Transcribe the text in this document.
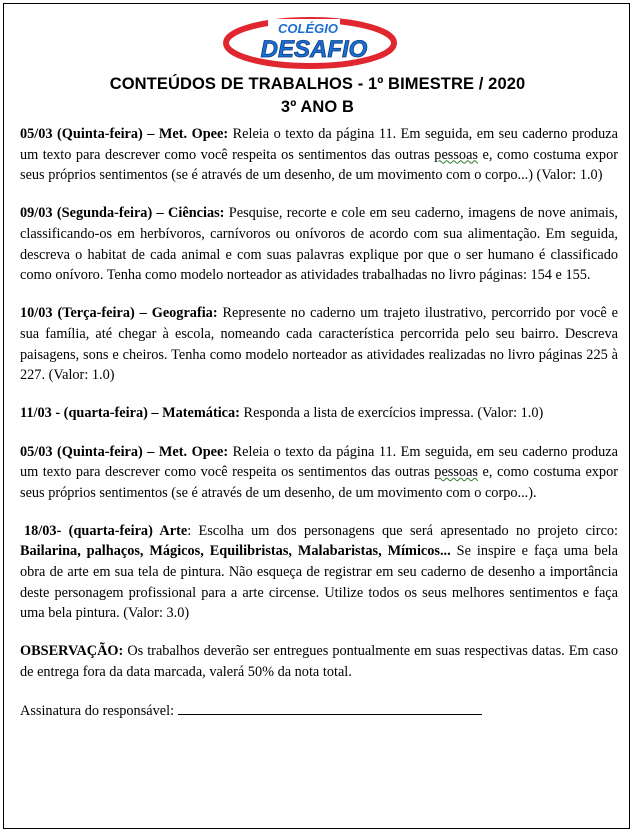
COLÉGIO
DESAFIO
CONTEÚDOS DE TRABALHOS - 1º BIMESTRE / 2020
3º ANO B

05/03 (Quinta-feira) – Met. Opee: Releia o texto da página 11. Em seguida, em seu caderno produza um texto para descrever como você respeita os sentimentos das outras pessoas e, como costuma expor seus próprios sentimentos (se é através de um desenho, de um movimento com o corpo...) (Valor: 1.0)

09/03 (Segunda-feira) – Ciências: Pesquise, recorte e cole em seu caderno, imagens de nove animais, classificando-os em herbívoros, carnívoros ou onívoros de acordo com sua alimentação. Em seguida, descreva o habitat de cada animal e com suas palavras explique por que o ser humano é classificado como onívoro. Tenha como modelo norteador as atividades trabalhadas no livro páginas: 154 e 155.

10/03 (Terça-feira) – Geografia: Represente no caderno um trajeto ilustrativo, percorrido por você e sua família, até chegar à escola, nomeando cada característica percorrida pelo seu bairro. Descreva paisagens, sons e cheiros. Tenha como modelo norteador as atividades realizadas no livro páginas 225 à 227. (Valor: 1.0)

11/03 - (quarta-feira) – Matemática: Responda a lista de exercícios impressa. (Valor: 1.0)

05/03 (Quinta-feira) – Met. Opee: Releia o texto da página 11. Em seguida, em seu caderno produza um texto para descrever como você respeita os sentimentos das outras pessoas e, como costuma expor seus próprios sentimentos (se é através de um desenho, de um movimento com o corpo...).

18/03- (quarta-feira) Arte: Escolha um dos personagens que será apresentado no projeto circo: Bailarina, palhaços, Mágicos, Equilibristas, Malabaristas, Mímicos... Se inspire e faça uma bela obra de arte em sua tela de pintura. Não esqueça de registrar em seu caderno de desenho a importância deste personagem profissional para a arte circense. Utilize todos os seus melhores sentimentos e faça uma bela pintura. (Valor: 3.0)

OBSERVAÇÃO: Os trabalhos deverão ser entregues pontualmente em suas respectivas datas. Em caso de entrega fora da data marcada, valerá 50% da nota total.

Assinatura do responsável:
